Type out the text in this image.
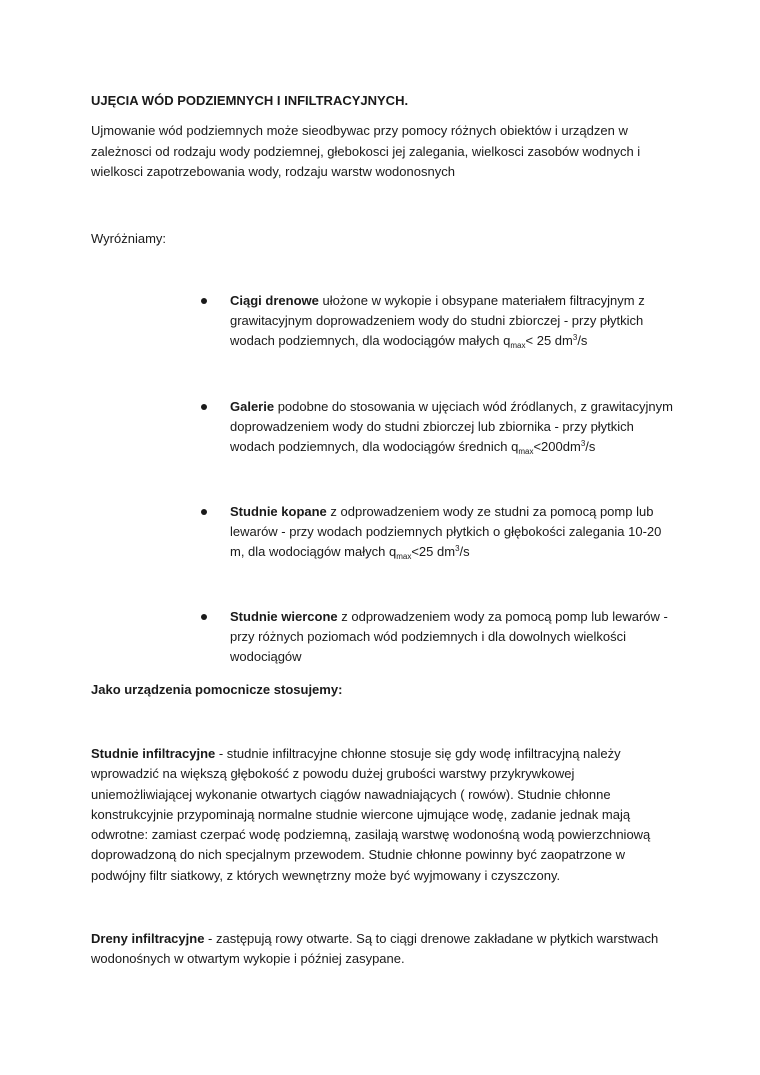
UJĘCIA WÓD PODZIEMNYCH I INFILTRACYJNYCH.
Ujmowanie wód podziemnych może sieodbywac przy pomocy różnych obiektów i urządzen w
zależnosci od rodzaju wody podziemnej, głebokosci jej zalegania, wielkosci zasobów wodnych i
wielkosci zapotrzebowania wody, rodzaju warstw wodonosnych
Wyróżniamy:
Ciągi drenowe ułożone w wykopie i obsypane materiałem filtracyjnym z
grawitacyjnym doprowadzeniem wody do studni zbiorczej - przy płytkich
wodach podziemnych, dla wodociągów małych $q_{max}< 25$ $dm^3/s$
Galerie podobne do stosowania w ujęciach wód źródlanych, z grawitacyjnym
doprowadzeniem wody do studni zbiorczej lub zbiornika - przy płytkich
wodach podziemnych, dla wodociągów średnich $q_{max}<200dm^3/s$
Studnie kopane z odprowadzeniem wody ze studni za pomocą pomp lub
lewarów - przy wodach podziemnych płytkich o głębokości zalegania 10-20
m, dla wodociągów małych $q_{max}<25$ $dm^3/s$
Studnie wiercone z odprowadzeniem wody za pomocą pomp lub lewarów -
przy różnych poziomach wód podziemnych i dla dowolnych wielkości
wodociągów
Jako urządzenia pomocnicze stosujemy:
Studnie infiltracyjne - studnie infiltracyjne chłonne stosuje się gdy wodę infiltracyjną należy
wprowadzić na większą głębokość z powodu dużej grubości warstwy przykrywkowej
uniemożliwiającej wykonanie otwartych ciągów nawadniających ( rowów). Studnie chłonne
konstrukcyjnie przypominają normalne studnie wiercone ujmujące wodę, zadanie jednak mają
odwrotne: zamiast czerpać wodę podziemną, zasilają warstwę wodonośną wodą powierzchniową
doprowadzoną do nich specjalnym przewodem. Studnie chłonne powinny być zaopatrzone w
podwójny filtr siatkowy, z których wewnętrzny może być wyjmowany i czyszczony.
Dreny infiltracyjne - zastępują rowy otwarte. Są to ciągi drenowe zakładane w płytkich warstwach
wodonośnych w otwartym wykopie i później zasypane.
